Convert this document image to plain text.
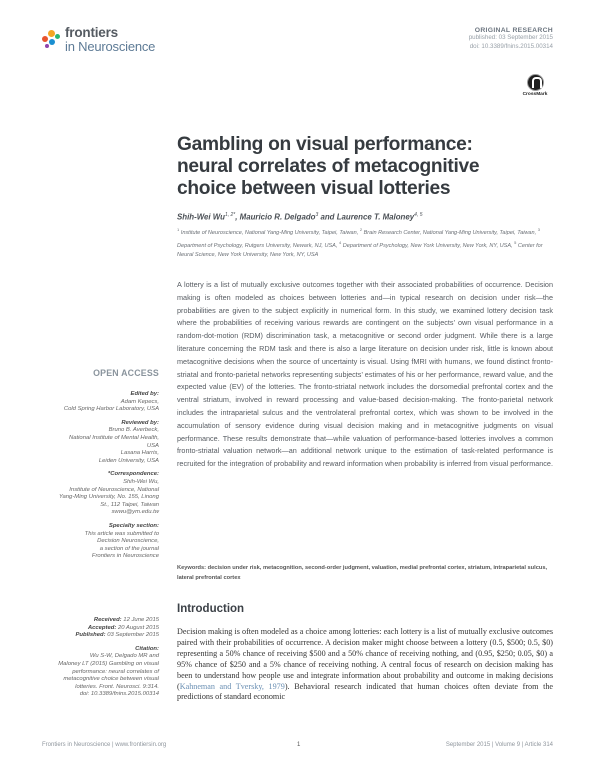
frontiers
in Neuroscience
ORIGINAL RESEARCH
published: 03 September 2015
doi: 10.3389/fnins.2015.00314
CrossMark
Gambling on visual performance:
neural correlates of metacognitive
choice between visual lotteries
Shih-Wei $Wu^{1, 2*}$, Mauricio R. Delgado$^3$ and Laurence T. Maloney$^{4, 5}$
$^1$ Institute of Neuroscience, National Yang-Ming University, Taipei, Taiwan, $^2$ Brain Research Center, National Yang-Ming University, Taipei, Taiwan, $^3$ Department of Psychology, Rutgers University, Newark, NJ, USA, $^4$ Department of Psychology, New York University, New York, NY, USA, $^5$ Center for Neural Science, New York University, New York, NY, USA
A lottery is a list of mutually exclusive outcomes together with their associated probabilities of occurrence. Decision making is often modeled as choices between lotteries and—in typical research on decision under risk—the probabilities are given to the subject explicitly in numerical form. In this study, we examined lottery decision task where the probabilities of receiving various rewards are contingent on the subjects’ own visual performance in a random-dot-motion (RDM) discrimination task, a metacognitive or second order judgment. While there is a large literature concerning the RDM task and there is also a large literature on decision under risk, little is known about metacognitive decisions when the source of uncertainty is visual. Using fMRI with humans, we found distinct fronto-striatal and fronto-parietal networks representing subjects’ estimates of his or her performance, reward value, and the expected value (EV) of the lotteries. The fronto-striatal network includes the dorsomedial prefrontal cortex and the ventral striatum, involved in reward processing and value-based decision-making. The fronto-parietal network includes the intraparietal sulcus and the ventrolateral prefrontal cortex, which was shown to be involved in the accumulation of sensory evidence during visual decision making and in metacognitive judgments on visual performance. These results demonstrate that—while valuation of performance-based lotteries involves a common fronto-striatal valuation network—an additional network unique to the estimation of task-related performance is recruited for the integration of probability and reward information when probability is inferred from visual performance.
Keywords: decision under risk, metacognition, second-order judgment, valuation, medial prefrontal cortex, striatum, intraparietal sulcus, lateral prefrontal cortex
OPEN ACCESS
Edited by:
Adam Kepecs,
Cold Spring Harbor Laboratory, USA
Reviewed by:
Bruno B. Averbeck,
National Institute of Mental Health,
USA
Lasana Harris,
Leiden University, USA
*Correspondence:
Shih-Wei Wu,
Institute of Neuroscience, National
Yang-Ming University, No. 155, Linong
St., 112 Taipei, Taiwan
swwu@ym.edu.tw
Specialty section:
This article was submitted to
Decision Neuroscience,
a section of the journal
Frontiers in Neuroscience
Received: 12 June 2015
Accepted: 20 August 2015
Published: 03 September 2015
Citation:
Wu S-W, Delgado MR and
Maloney LT (2015) Gambling on visual
performance: neural correlates of
metacognitive choice between visual
lotteries. Front. Neurosci. 9:314.
doi: 10.3389/fnins.2015.00314
Introduction
Decision making is often modeled as a choice among lotteries: each lottery is a list of mutually exclusive outcomes paired with their probabilities of occurrence. A decision maker might choose between a lottery (0.5, $500; 0.5, $0) representing a 50% chance of receiving $500 and a 50% chance of receiving nothing, and (0.95, $250; 0.05, $0) a 95% chance of $250 and a 5% chance of receiving nothing. A central focus of research on decision making has been to understand how people use and integrate information about probability and outcome in making decisions (Kahneman and Tversky, 1979). Behavioral research indicated that human choices often deviate from the predictions of standard economic
Frontiers in Neuroscience | www.frontiersin.org	1	September 2015 | Volume 9 | Article 314
